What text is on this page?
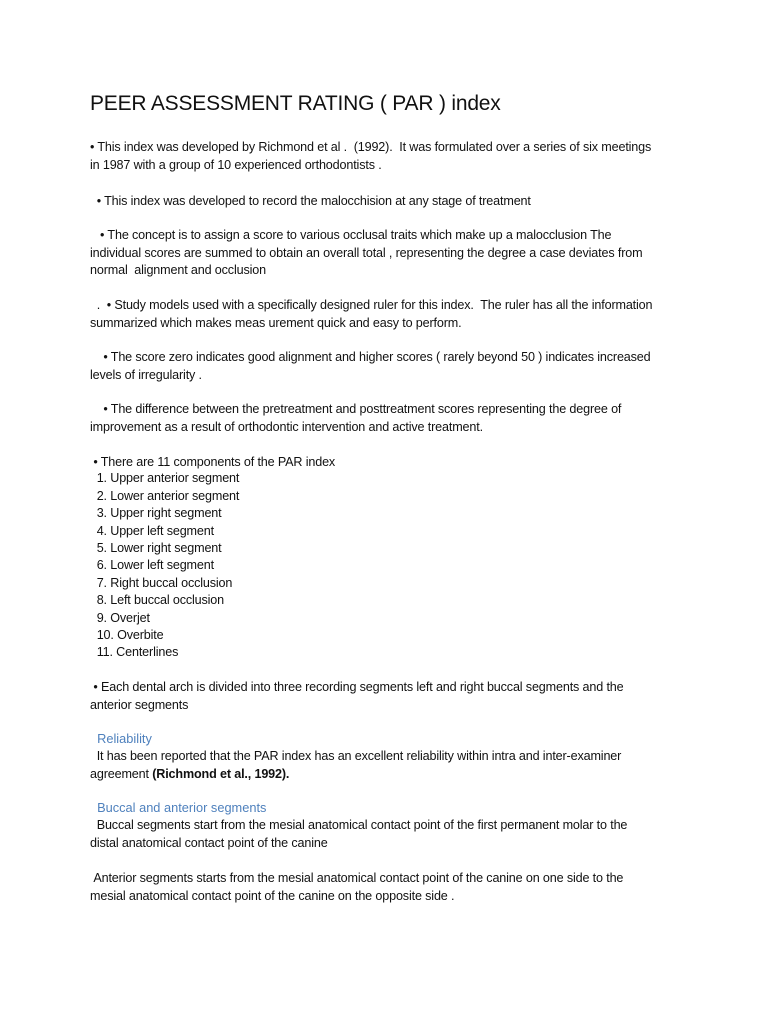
PEER ASSESSMENT RATING ( PAR ) index

• This index was developed by Richmond et al .  (1992).  It was formulated over a series of six meetings
in 1987 with a group of 10 experienced orthodontists .

• This index was developed to record the malocchision at any stage of treatment

• The concept is to assign a score to various occlusal traits which make up a malocclusion The
individual scores are summed to obtain an overall total , representing the degree a case deviates from
normal  alignment and occlusion

.  • Study models used with a specifically designed ruler for this index.  The ruler has all the information
summarized which makes meas urement quick and easy to perform.

• The score zero indicates good alignment and higher scores ( rarely beyond 50 ) indicates increased
levels of irregularity .

• The difference between the pretreatment and posttreatment scores representing the degree of
improvement as a result of orthodontic intervention and active treatment.

• There are 11 components of the PAR index

1. Upper anterior segment

2. Lower anterior segment

3. Upper right segment

4. Upper left segment

5. Lower right segment

6. Lower left segment

7. Right buccal occlusion

8. Left buccal occlusion

9. Overjet

10. Overbite

11. Centerlines

• Each dental arch is divided into three recording segments left and right buccal segments and the
anterior segments

Reliability

It has been reported that the PAR index has an excellent reliability within intra and inter-examiner
agreement (Richmond et al., 1992).

Buccal and anterior segments

Buccal segments start from the mesial anatomical contact point of the first permanent molar to the
distal anatomical contact point of the canine

Anterior segments starts from the mesial anatomical contact point of the canine on one side to the
mesial anatomical contact point of the canine on the opposite side .
